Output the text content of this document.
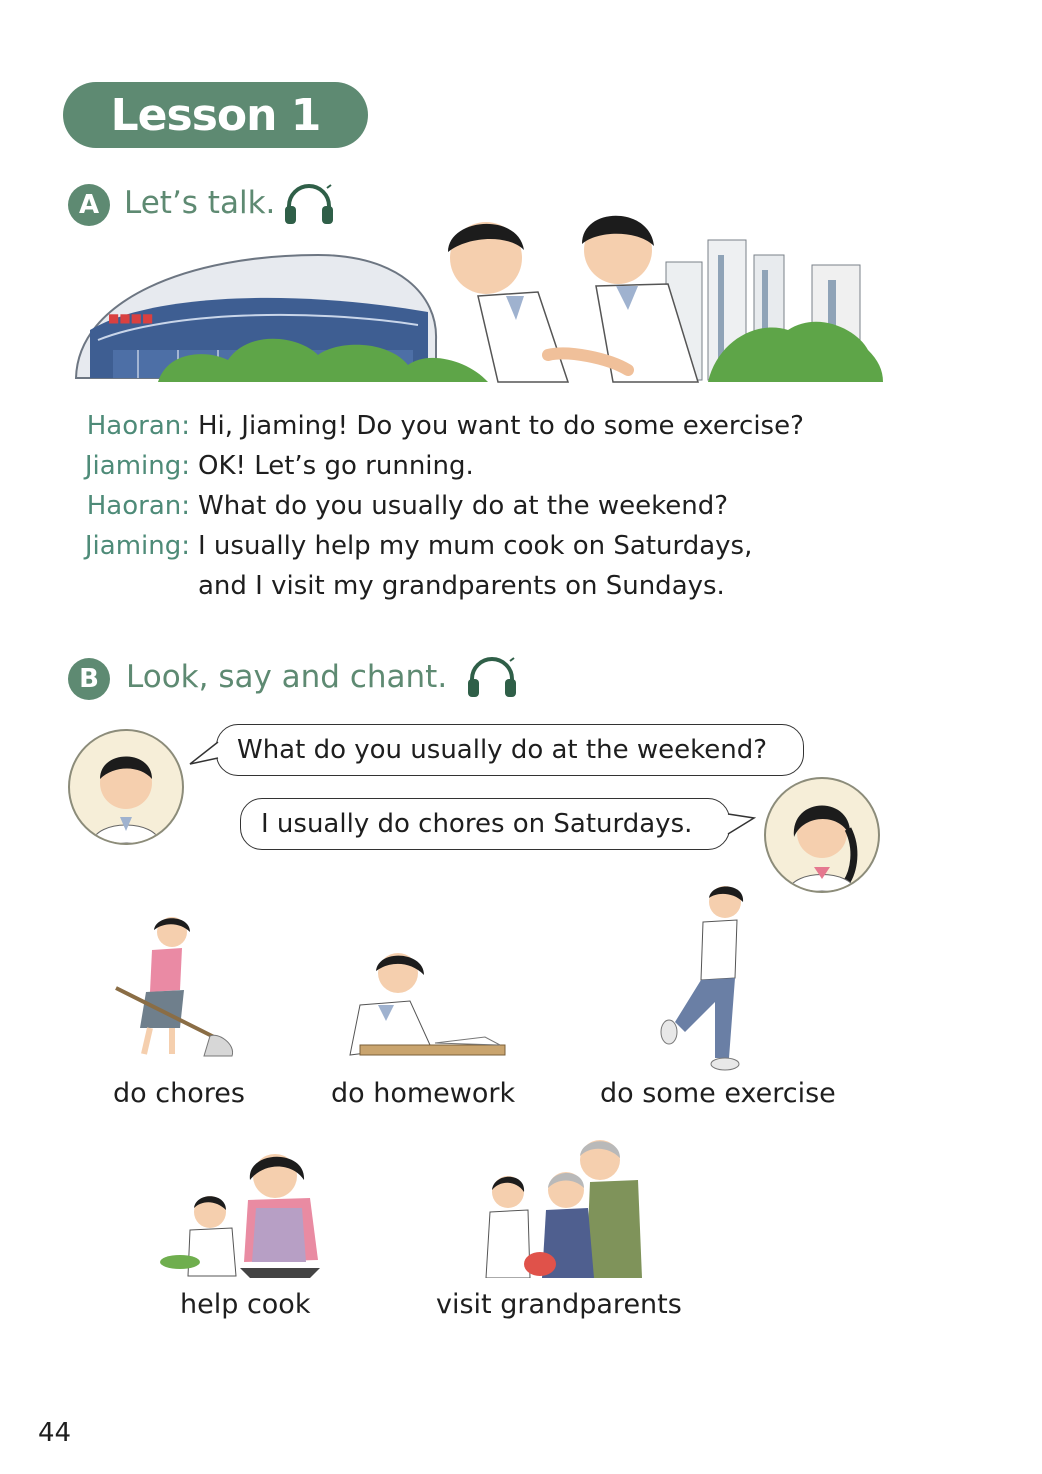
Lesson 1
A Let’s talk.
■■■■
Haoran: Hi, Jiaming! Do you want to do some exercise?
Jiaming: OK! Let’s go running.
Haoran: What do you usually do at the weekend?
Jiaming: I usually help my mum cook on Saturdays,
and I visit my grandparents on Sundays.
B Look, say and chant.
What do you usually do at the weekend?
I usually do chores on Saturdays.
do chores	do homework	do some exercise
help cook	visit grandparents
44
